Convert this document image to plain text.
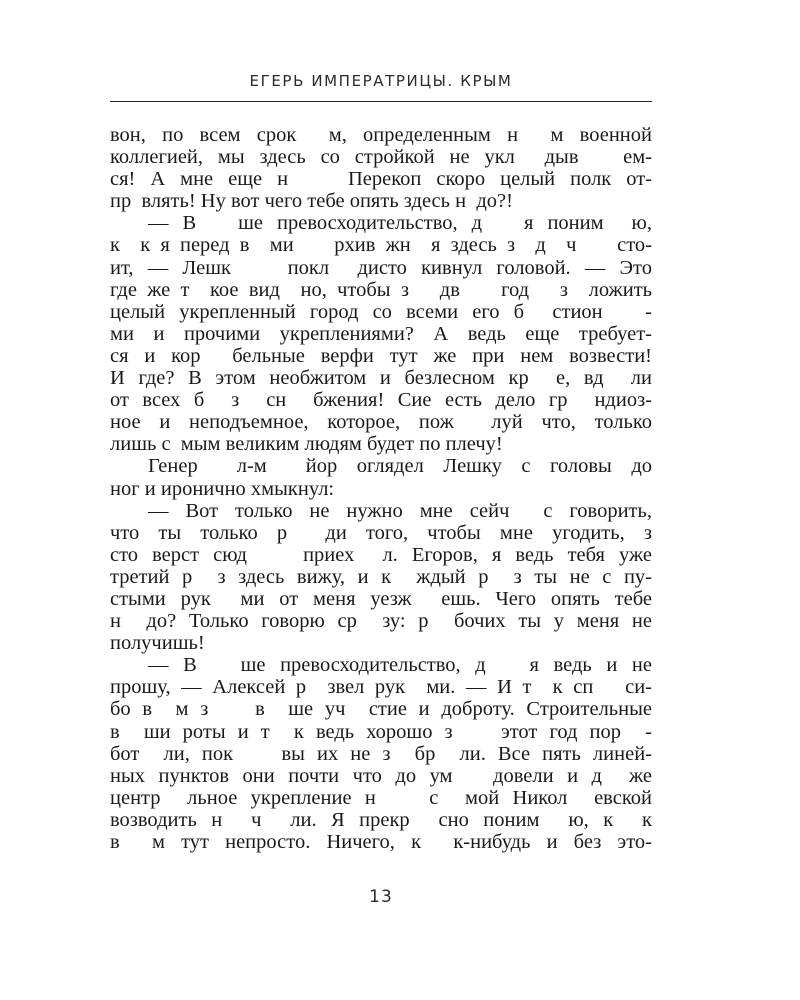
ЕГЕРЬ ИМПЕРАТРИЦЫ. КРЫМ
вон, по всем срок  м, определенным н  м военной
коллегией, мы здесь со стройкой не укл  дыв   ем-
ся! А мне еще н    Перекоп скоро целый полк от-
пр  влять! Ну вот чего тебе опять здесь н  до?!
— В   ше превосходительство, д   я поним  ю,
к  к я перед в  ми    рхив жн  я здесь з  д  ч    сто-
ит, — Лешк    покл  дисто кивнул головой. — Это
где же т  кое вид  но, чтобы з   дв    год   з  ложить
целый укрепленный город со всеми его б  стион   -
ми и прочими укреплениями? А ведь еще требует-
ся и кор  бельные верфи тут же при нем возвести!
И где? В этом необжитом и безлесном кр  е, вд  ли
от всех б  з  сн  бжения! Сие есть дело гр  ндиоз-
ное и неподъемное, которое, пож  луй что, только
лишь с  мым великим людям будет по плечу!
Генер  л-м  йор оглядел Лешку с головы до
ног и иронично хмыкнул:
— Вот только не нужно мне сейч  с говорить,
что ты только р  ди того, чтобы мне угодить, з
сто верст сюд    приех  л. Егоров, я ведь тебя уже
третий р  з здесь вижу, и к  ждый р  з ты не с пу-
стыми рук  ми от меня уезж  ешь. Чего опять тебе
н  до? Только говорю ср  зу: р  бочих ты у меня не
получишь!
— В   ше превосходительство, д   я ведь и не
прошу, — Алексей р  звел рук  ми. — И т  к сп   си-
бо в  м з    в  ше уч  стие и доброту. Строительные
в  ши роты и т  к ведь хорошо з    этот год пор  -
бот  ли, пок    вы их не з  бр  ли. Все пять линей-
ных пунктов они почти что до ум   довели и д  же
центр  льное укрепление н    с  мой Никол  евской
возводить н  ч  ли. Я прекр  сно поним  ю, к  к
в  м тут непросто. Ничего, к  к-нибудь и без это-
13
